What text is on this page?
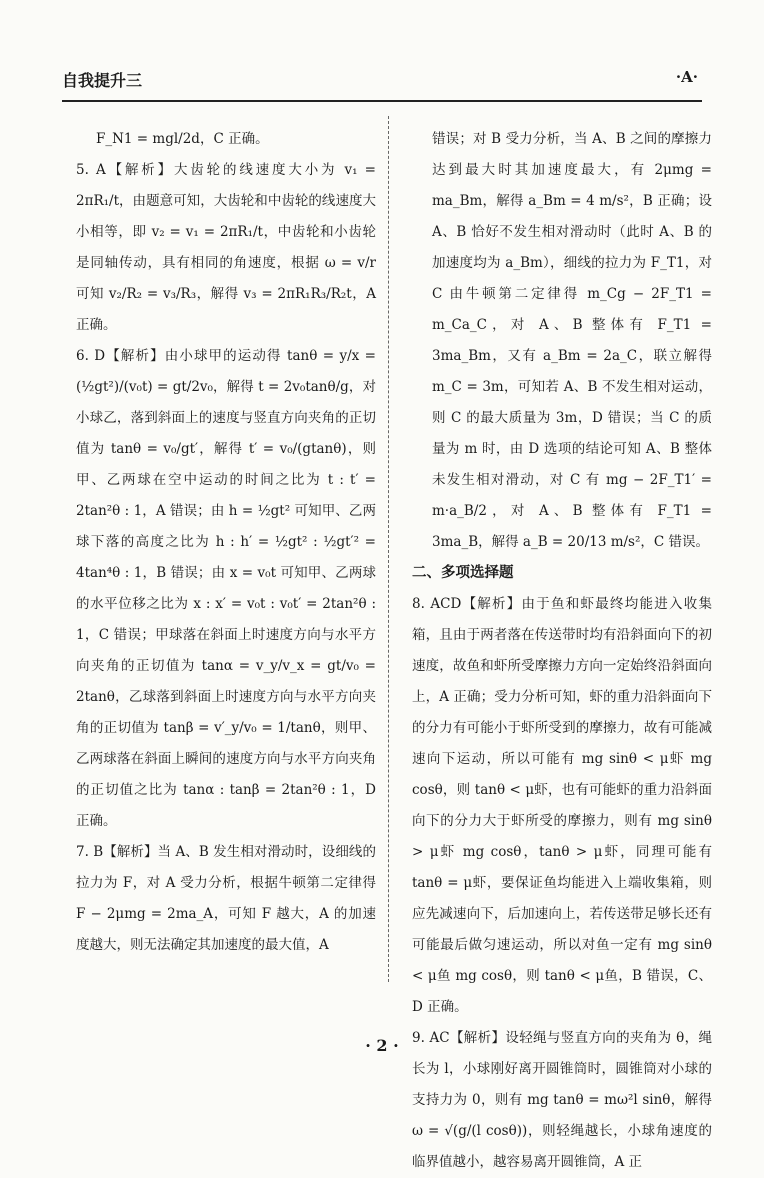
自我提升三	·A·
F_N1 = mgl/2d，C 正确。
5. A【解析】大齿轮的线速度大小为 v₁ = 2πR₁/t，由题意可知，大齿轮和中齿轮的线速度大小相等，即 v₂ = v₁ = 2πR₁/t，中齿轮和小齿轮是同轴传动，具有相同的角速度，根据 ω = v/r 可知 v₂/R₂ = v₃/R₃，解得 v₃ = 2πR₁R₃/R₂t，A 正确。
6. D【解析】由小球甲的运动得 tanθ = y/x = (½gt²)/(v₀t) = gt/2v₀，解得 t = 2v₀tanθ/g，对小球乙，落到斜面上的速度与竖直方向夹角的正切值为 tanθ = v₀/gt′，解得 t′ = v₀/(gtanθ)，则甲、乙两球在空中运动的时间之比为 t : t′ = 2tan²θ : 1，A 错误；由 h = ½gt² 可知甲、乙两球下落的高度之比为 h : h′ = ½gt² : ½gt′² = 4tan⁴θ : 1，B 错误；由 x = v₀t 可知甲、乙两球的水平位移之比为 x : x′ = v₀t : v₀t′ = 2tan²θ : 1，C 错误；甲球落在斜面上时速度方向与水平方向夹角的正切值为 tanα = v_y/v_x = gt/v₀ = 2tanθ，乙球落到斜面上时速度方向与水平方向夹角的正切值为 tanβ = v′_y/v₀ = 1/tanθ，则甲、乙两球落在斜面上瞬间的速度方向与水平方向夹角的正切值之比为 tanα : tanβ = 2tan²θ : 1，D 正确。
7. B【解析】当 A、B 发生相对滑动时，设细线的拉力为 F，对 A 受力分析，根据牛顿第二定律得 F − 2μmg = 2ma_A，可知 F 越大，A 的加速度越大，则无法确定其加速度的最大值，A
错误；对 B 受力分析，当 A、B 之间的摩擦力达到最大时其加速度最大，有 2μmg = ma_Bm，解得 a_Bm = 4 m/s²，B 正确；设 A、B 恰好不发生相对滑动时（此时 A、B 的加速度均为 a_Bm），细线的拉力为 F_T1，对 C 由牛顿第二定律得 m_Cg − 2F_T1 = m_Ca_C，对 A、B 整体有 F_T1 = 3ma_Bm，又有 a_Bm = 2a_C，联立解得 m_C = 3m，可知若 A、B 不发生相对运动，则 C 的最大质量为 3m，D 错误；当 C 的质量为 m 时，由 D 选项的结论可知 A、B 整体未发生相对滑动，对 C 有 mg − 2F_T1′ = m·a_B/2，对 A、B 整体有 F_T1 = 3ma_B，解得 a_B = 20/13 m/s²，C 错误。
二、多项选择题
8. ACD【解析】由于鱼和虾最终均能进入收集箱，且由于两者落在传送带时均有沿斜面向下的初速度，故鱼和虾所受摩擦力方向一定始终沿斜面向上，A 正确；受力分析可知，虾的重力沿斜面向下的分力有可能小于虾所受到的摩擦力，故有可能减速向下运动，所以可能有 mg sinθ < μ虾 mg cosθ，则 tanθ < μ虾，也有可能虾的重力沿斜面向下的分力大于虾所受的摩擦力，则有 mg sinθ > μ虾 mg cosθ，tanθ > μ虾，同理可能有 tanθ = μ虾，要保证鱼均能进入上端收集箱，则应先减速向下，后加速向上，若传送带足够长还有可能最后做匀速运动，所以对鱼一定有 mg sinθ < μ鱼 mg cosθ，则 tanθ < μ鱼，B 错误，C、D 正确。
9. AC【解析】设轻绳与竖直方向的夹角为 θ，绳长为 l，小球刚好离开圆锥筒时，圆锥筒对小球的支持力为 0，则有 mg tanθ = mω²l sinθ，解得 ω = √(g/(l cosθ))，则轻绳越长，小球角速度的临界值越小，越容易离开圆锥筒，A 正
· 2 ·
